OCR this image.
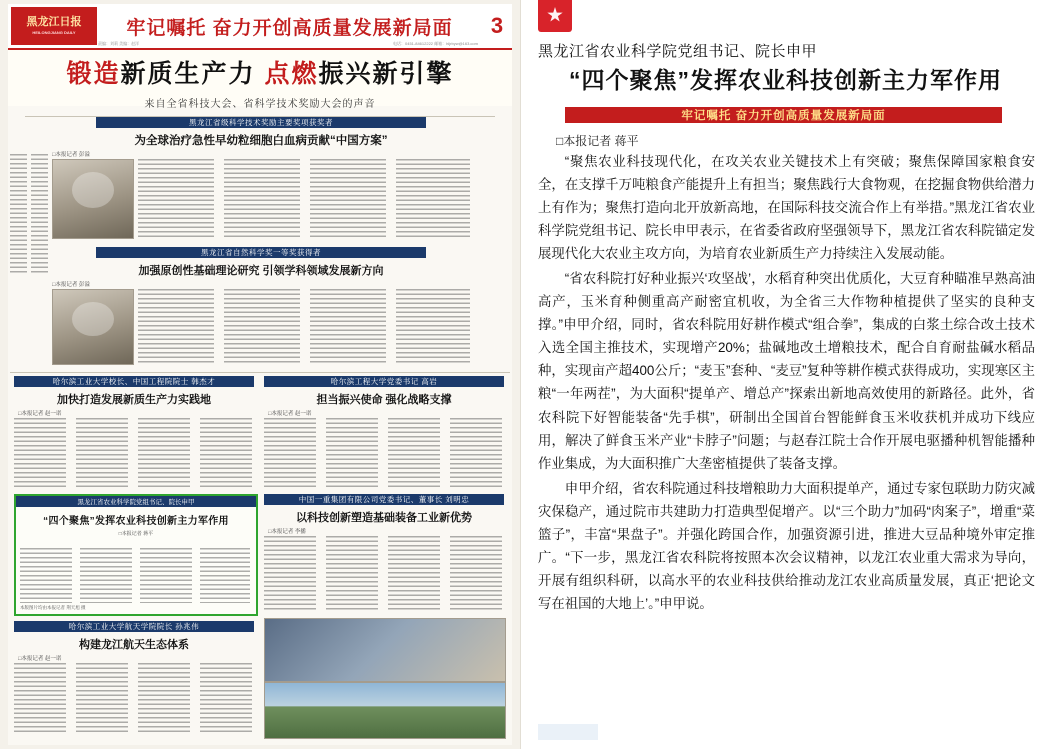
黑龙江日报
HEILONGJIANG DAILY	牢记嘱托 奋力开创高质量发展新局面	3
责编：刘莉 美编：赵洋	电话：0451-84612222 邮箱：hljrbyw@163.com
锻造新质生产力 点燃振兴新引擎
来自全省科技大会、省科学技术奖励大会的声音
黑龙江省级科学技术奖励主要奖项获奖者
为全球治疗急性早幼粒细胞白血病贡献“中国方案”
□本报记者 彭溢
黑龙江省自然科学奖一等奖获得者
加强原创性基础理论研究 引领学科领域发展新方向
□本报记者 彭溢
哈尔滨工业大学校长、中国工程院院士 韩杰才
加快打造发展新质生产力实践地
□本报记者 赵一诺
哈尔滨工程大学党委书记 高岩
担当振兴使命 强化战略支撑
□本报记者 赵一诺
黑龙江省农业科学院党组书记、院长申甲
“四个聚焦”发挥农业科技创新主力军作用
□本报记者 蒋平
本版图片均由本报记者 荆天旭 摄
中国一重集团有限公司党委书记、董事长 刘明忠
以科技创新塑造基础装备工业新优势
□本报记者 李播
哈尔滨工业大学航天学院院长 孙兆伟
构建龙江航天生态体系
□本报记者 赵一诺
黑龙江省农业科学院党组书记、院长申甲
“四个聚焦”发挥农业科技创新主力军作用
牢记嘱托 奋力开创高质量发展新局面
□本报记者 蒋平

“聚焦农业科技现代化，在攻关农业关键技术上有突破；聚焦保障国家粮食安全，在支撑千万吨粮食产能提升上有担当；聚焦践行大食物观，在挖掘食物供给潜力上有作为；聚焦打造向北开放新高地，在国际科技交流合作上有举措。”黑龙江省农业科学院党组书记、院长申甲表示，在省委省政府坚强领导下，黑龙江省农科院锚定发展现代化大农业主攻方向，为培育农业新质生产力持续注入发展动能。

“省农科院打好种业振兴‘攻坚战’，水稻育种突出优质化，大豆育种瞄准早熟高油高产，玉米育种侧重高产耐密宜机收，为全省三大作物种植提供了坚实的良种支撑。”申甲介绍，同时，省农科院用好耕作模式“组合拳”，集成的白浆土综合改土技术入选全国主推技术，实现增产20%；盐碱地改土增粮技术，配合自育耐盐碱水稻品种，实现亩产超400公斤；“麦玉”套种、“麦豆”复种等耕作模式获得成功，实现寒区主粮“一年两茬”，为大面积“提单产、增总产”探索出新地高效使用的新路径。此外，省农科院下好智能装备“先手棋”，研制出全国首台智能鲜食玉米收获机并成功下线应用，解决了鲜食玉米产业“卡脖子”问题；与赵春江院士合作开展电驱播种机智能播种作业集成，为大面积推广大垄密植提供了装备支撑。

申甲介绍，省农科院通过科技增粮助力大面积提单产，通过专家包联助力防灾减灾保稳产，通过院市共建助力打造典型促增产。以“三个助力”加码“肉案子”，增重“菜篮子”，丰富“果盘子”。并强化跨国合作，加强资源引进，推进大豆品种境外审定推广。“下一步，黑龙江省农科院将按照本次会议精神，以龙江农业重大需求为导向，开展有组织科研，以高水平的农业科技供给推动龙江农业高质量发展，真正‘把论文写在祖国的大地上’。”申甲说。
